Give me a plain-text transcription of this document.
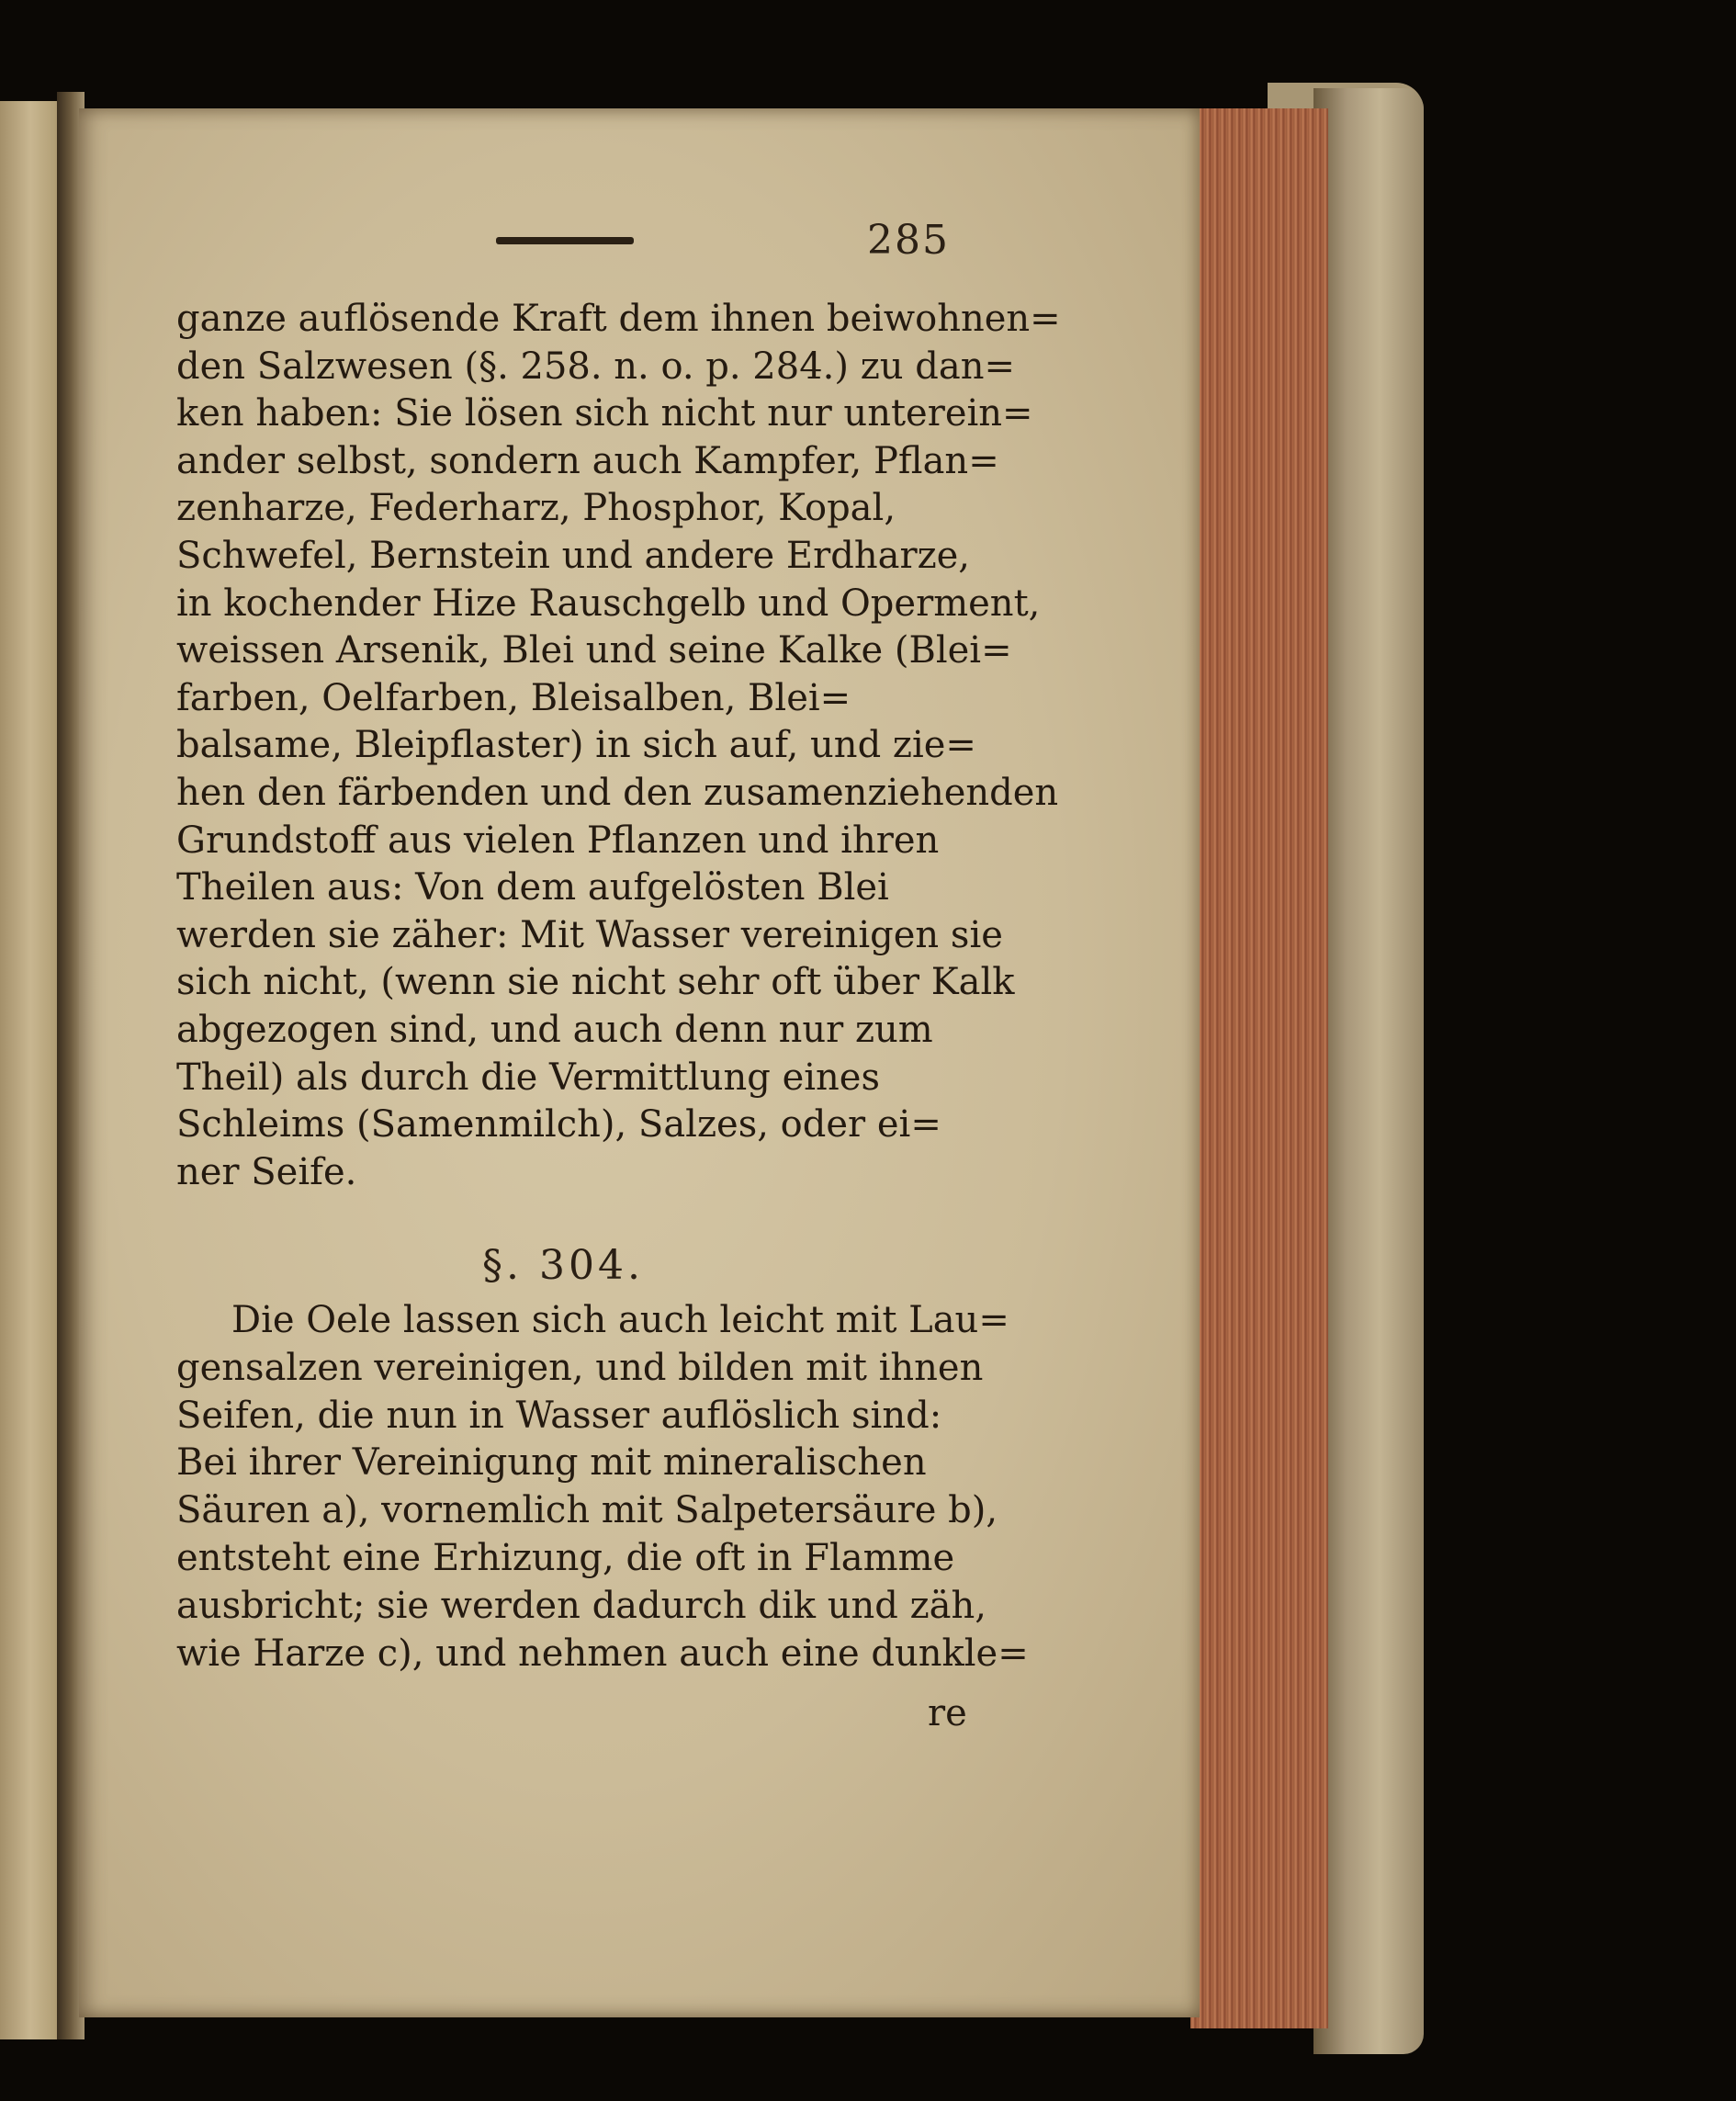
285
ganze auflösende Kraft dem ihnen beiwohnen=
den Salzwesen (§. 258. n. o. p. 284.) zu dan=
ken haben: Sie lösen sich nicht nur unterein=
ander selbst, sondern auch Kampfer, Pflan=
zenharze, Federharz, Phosphor, Kopal,
Schwefel, Bernstein und andere Erdharze,
in kochender Hize Rauschgelb und Operment,
weissen Arsenik, Blei und seine Kalke (Blei=
farben, Oelfarben, Bleisalben, Blei=
balsame, Bleipflaster) in sich auf, und zie=
hen den färbenden und den zusamenziehenden
Grundstoff aus vielen Pflanzen und ihren
Theilen aus: Von dem aufgelösten Blei
werden sie zäher: Mit Wasser vereinigen sie
sich nicht, (wenn sie nicht sehr oft über Kalk
abgezogen sind, und auch denn nur zum
Theil) als durch die Vermittlung eines
Schleims (Samenmilch), Salzes, oder ei=
ner Seife.
§. 304.
Die Oele lassen sich auch leicht mit Lau=
gensalzen vereinigen, und bilden mit ihnen
Seifen, die nun in Wasser auflöslich sind:
Bei ihrer Vereinigung mit mineralischen
Säuren a), vornemlich mit Salpetersäure b),
entsteht eine Erhizung, die oft in Flamme
ausbricht; sie werden dadurch dik und zäh,
wie Harze c), und nehmen auch eine dunkle=
re
